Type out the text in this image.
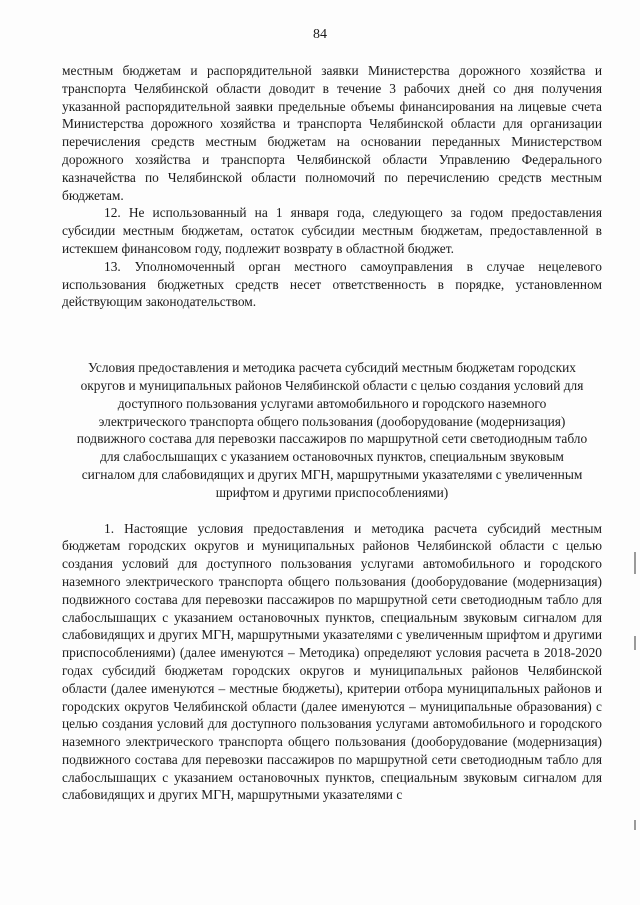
84

местным бюджетам и распорядительной заявки Министерства дорожного хозяйства и транспорта Челябинской области доводит в течение 3 рабочих дней со дня получения указанной распорядительной заявки предельные объемы финансирования на лицевые счета Министерства дорожного хозяйства и транспорта Челябинской области для организации перечисления средств местным бюджетам на основании переданных Министерством дорожного хозяйства и транспорта Челябинской области Управлению Федерального казначейства по Челябинской области полномочий по перечислению средств местным бюджетам.

12. Не использованный на 1 января года, следующего за годом предоставления субсидии местным бюджетам, остаток субсидии местным бюджетам, предоставленной в истекшем финансовом году, подлежит возврату в областной бюджет.

13. Уполномоченный орган местного самоуправления в случае нецелевого использования бюджетных средств несет ответственность в порядке, установленном действующим законодательством.

Условия предоставления и методика расчета субсидий местным бюджетам городских округов и муниципальных районов Челябинской области с целью создания условий для доступного пользования услугами автомобильного и городского наземного электрического транспорта общего пользования (дооборудование (модернизация) подвижного состава для перевозки пассажиров по маршрутной сети светодиодным табло для слабослышащих с указанием остановочных пунктов, специальным звуковым сигналом для слабовидящих и других МГН, маршрутными указателями с увеличенным шрифтом и другими приспособлениями)

1. Настоящие условия предоставления и методика расчета субсидий местным бюджетам городских округов и муниципальных районов Челябинской области с целью создания условий для доступного пользования услугами автомобильного и городского наземного электрического транспорта общего пользования (дооборудование (модернизация) подвижного состава для перевозки пассажиров по маршрутной сети светодиодным табло для слабослышащих с указанием остановочных пунктов, специальным звуковым сигналом для слабовидящих и других МГН, маршрутными указателями с увеличенным шрифтом и другими приспособлениями) (далее именуются – Методика) определяют условия расчета в 2018-2020 годах субсидий бюджетам городских округов и муниципальных районов Челябинской области (далее именуются – местные бюджеты), критерии отбора муниципальных районов и городских округов Челябинской области (далее именуются – муниципальные образования) с целью создания условий для доступного пользования услугами автомобильного и городского наземного электрического транспорта общего пользования (дооборудование (модернизация) подвижного состава для перевозки пассажиров по маршрутной сети светодиодным табло для слабослышащих с указанием остановочных пунктов, специальным звуковым сигналом для слабовидящих и других МГН, маршрутными указателями с
